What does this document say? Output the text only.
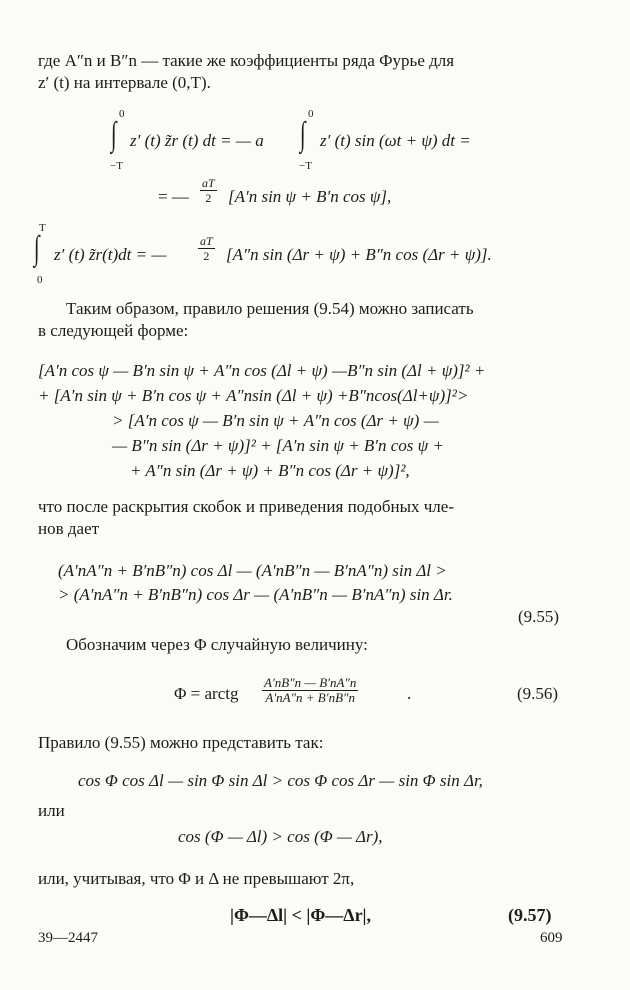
где A″n и B″n — такие же коэффициенты ряда Фурье для
z′ (t) на интервале (0,T).
0
∫
−T
z′ (t) z̃r (t) dt = — a
0
∫
−T
z′ (t) sin (ωt + ψ) dt =
= — $\frac{aT}{2} [A'n$ sin ψ + B′n cos ψ],
T
∫
0
z′ (t) z̃r(t)dt = —	$\frac{aT}{2} [A''n$ sin (Δr + ψ) + B″n cos (Δr + ψ)].
Таким образом, правило решения (9.54) можно записать
в следующей форме:
[A′n cos ψ — B′n sin ψ + A″n cos (Δl + ψ) —B″n sin (Δl + ψ)]² +
+ [A′n sin ψ + B′n cos ψ + A″nsin (Δl + ψ) +B″ncos(Δl+ψ)]²>
> [A′n cos ψ — B′n sin ψ + A″n cos (Δr + ψ) —
— B″n sin (Δr + ψ)]² + [A′n sin ψ + B′n cos ψ +
+ A″n sin (Δr + ψ) + B″n cos (Δr + ψ)]²,
что после раскрытия скобок и приведения подобных чле-
нов дает
(A′nA″n + B′nB″n) cos Δl — (A′nB″n — B′nA″n) sin Δl >
> (A′nA″n + B′nB″n) cos Δr — (A′nB″n — B′nA″n) sin Δr.
(9.55)
Обозначим через Φ случайную величину:
Φ = arctg $\frac{A'nB''n — B'nA''n}{A'nA''n + B'nB''n}$	.	(9.56)
Правило (9.55) можно представить так:
cos Φ cos Δl — sin Φ sin Δl > cos Φ cos Δr — sin Φ sin Δr,
или
cos (Φ — Δl) > cos (Φ — Δr),
или, учитывая, что Φ и Δ не превышают 2π,
|Φ—Δl| < |Φ—Δr|,	(9.57)
39—2447	609
